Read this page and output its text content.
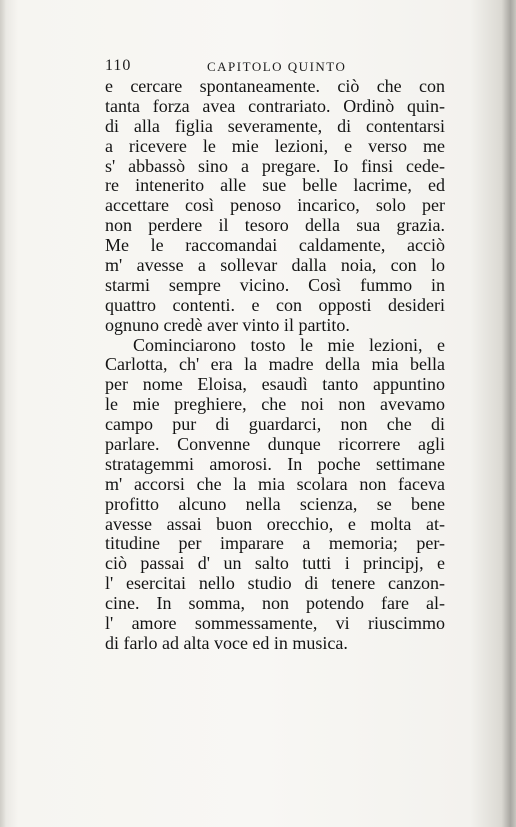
110	CAPITOLO QUINTO
e cercare spontaneamente. ciò che con
tanta forza avea contrariato. Ordinò quin-
di alla figlia severamente, di contentarsi
a ricevere le mie lezioni, e verso me
s' abbassò sino a pregare. Io finsi cede-
re intenerito alle sue belle lacrime, ed
accettare così penoso incarico, solo per
non perdere il tesoro della sua grazia.
Me le raccomandai caldamente, acciò
m' avesse a sollevar dalla noia, con lo
starmi sempre vicino. Così fummo in
quattro contenti. e con opposti desideri
ognuno credè aver vinto il partito.
Cominciarono tosto le mie lezioni, e
Carlotta, ch' era la madre della mia bella
per nome Eloisa, esaudì tanto appuntino
le mie preghiere, che noi non avevamo
campo pur di guardarci, non che di
parlare. Convenne dunque ricorrere agli
stratagemmi amorosi. In poche settimane
m' accorsi che la mia scolara non faceva
profitto alcuno nella scienza, se bene
avesse assai buon orecchio, e molta at-
titudine per imparare a memoria; per-
ciò passai d' un salto tutti i principj, e
l' esercitai nello studio di tenere canzon-
cine. In somma, non potendo fare al-
l' amore sommessamente, vi riuscimmo
di farlo ad alta voce ed in musica.
